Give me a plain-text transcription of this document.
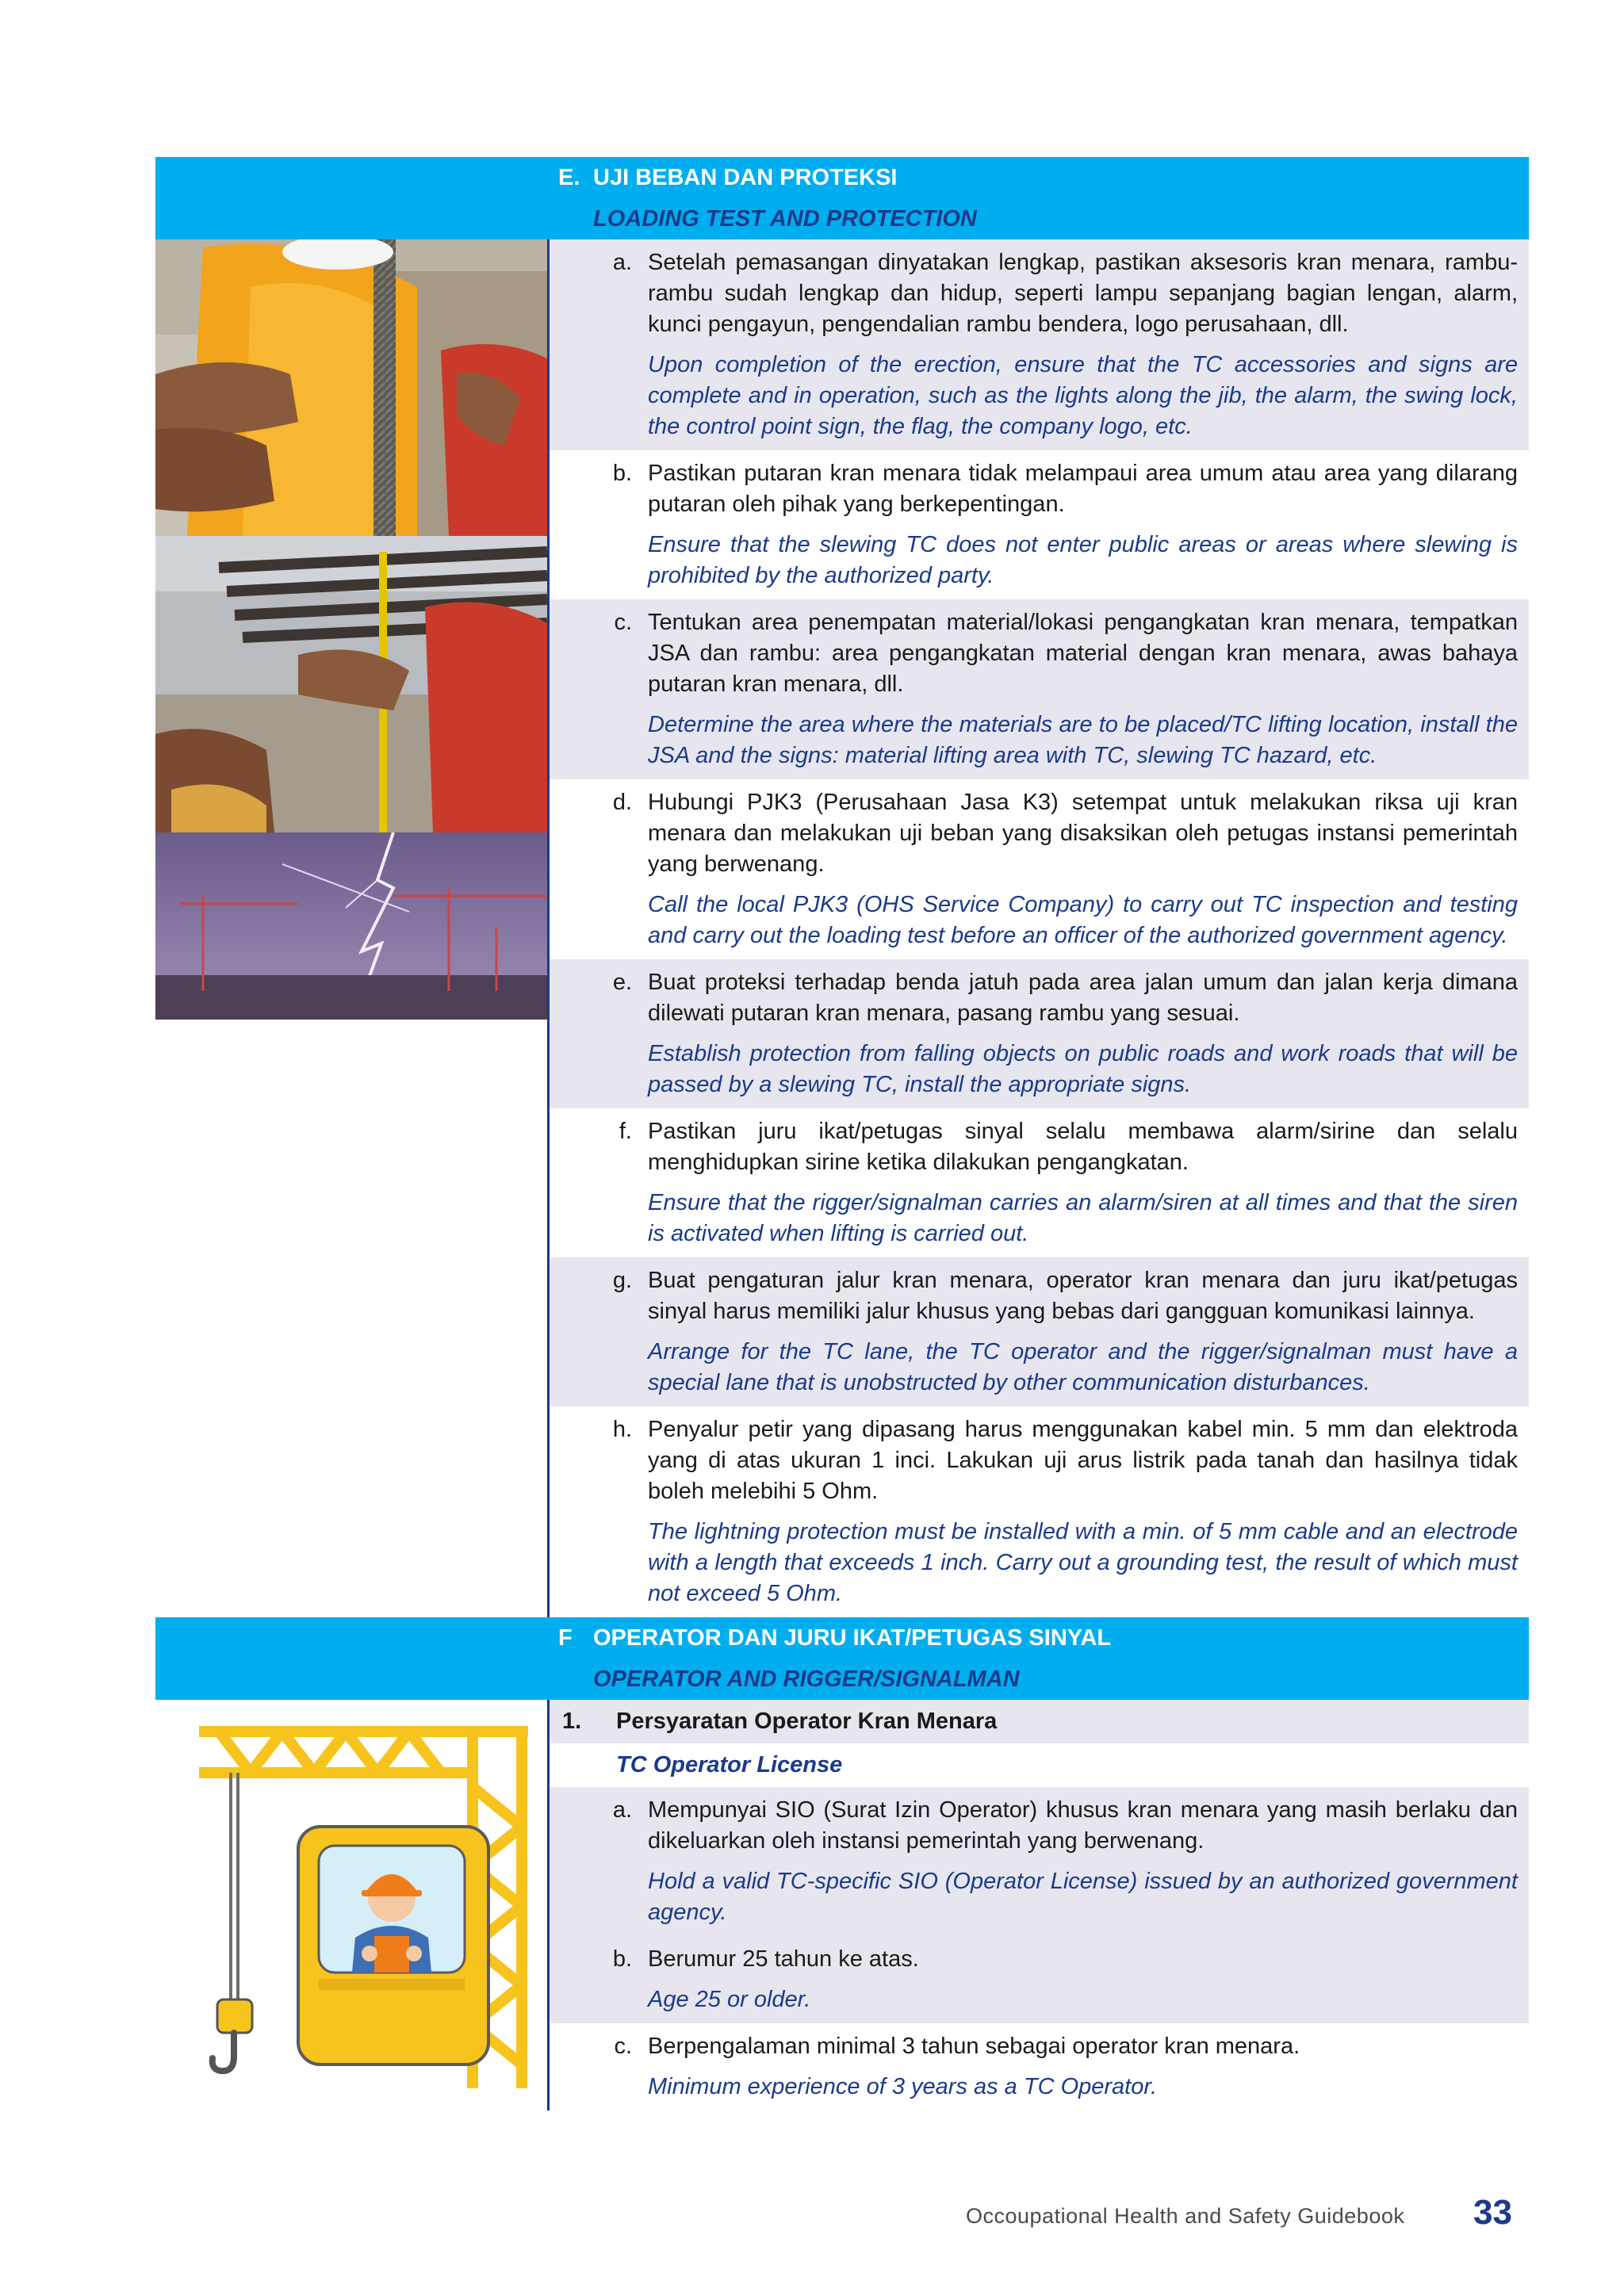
E. UJI BEBAN DAN PROTEKSI
LOADING TEST AND PROTECTION
a. Setelah pemasangan dinyatakan lengkap, pastikan aksesoris kran menara, rambu-rambu sudah lengkap dan hidup, seperti lampu sepanjang bagian lengan, alarm, kunci pengayun, pengendalian rambu bendera, logo perusahaan, dll.
Upon completion of the erection, ensure that the TC accessories and signs are complete and in operation, such as the lights along the jib, the alarm, the swing lock, the control point sign, the flag, the company logo, etc.
b. Pastikan putaran kran menara tidak melampaui area umum atau area yang dilarang putaran oleh pihak yang berkepentingan.
Ensure that the slewing TC does not enter public areas or areas where slewing is prohibited by the authorized party.
c. Tentukan area penempatan material/lokasi pengangkatan kran menara, tempatkan JSA dan rambu: area pengangkatan material dengan kran menara, awas bahaya putaran kran menara, dll.
Determine the area where the materials are to be placed/TC lifting location, install the JSA and the signs: material lifting area with TC, slewing TC hazard, etc.
d. Hubungi PJK3 (Perusahaan Jasa K3) setempat untuk melakukan riksa uji kran menara dan melakukan uji beban yang disaksikan oleh petugas instansi pemerintah yang berwenang.
Call the local PJK3 (OHS Service Company) to carry out TC inspection and testing and carry out the loading test before an officer of the authorized government agency.
e. Buat proteksi terhadap benda jatuh pada area jalan umum dan jalan kerja dimana dilewati putaran kran menara, pasang rambu yang sesuai.
Establish protection from falling objects on public roads and work roads that will be passed by a slewing TC, install the appropriate signs.
f. Pastikan juru ikat/petugas sinyal selalu membawa alarm/sirine dan selalu menghidupkan sirine ketika dilakukan pengangkatan.
Ensure that the rigger/signalman carries an alarm/siren at all times and that the siren is activated when lifting is carried out.
g. Buat pengaturan jalur kran menara, operator kran menara dan juru ikat/petugas sinyal harus memiliki jalur khusus yang bebas dari gangguan komunikasi lainnya.
Arrange for the TC lane, the TC operator and the rigger/signalman must have a special lane that is unobstructed by other communication disturbances.
h. Penyalur petir yang dipasang harus menggunakan kabel min. 5 mm dan elektroda yang di atas ukuran 1 inci. Lakukan uji arus listrik pada tanah dan hasilnya tidak boleh melebihi 5 Ohm.
The lightning protection must be installed with a min. of 5 mm cable and an electrode with a length that exceeds 1 inch. Carry out a grounding test, the result of which must not exceed 5 Ohm.
F OPERATOR DAN JURU IKAT/PETUGAS SINYAL
OPERATOR AND RIGGER/SIGNALMAN
1.	Persyaratan Operator Kran Menara
TC Operator License
a. Mempunyai SIO (Surat Izin Operator) khusus kran menara yang masih berlaku dan dikeluarkan oleh instansi pemerintah yang berwenang.
Hold a valid TC-specific SIO (Operator License) issued by an authorized government agency.
b. Berumur 25 tahun ke atas.
Age 25 or older.
c. Berpengalaman minimal 3 tahun sebagai operator kran menara.
Minimum experience of 3 years as a TC Operator.
Occoupational Health and Safety Guidebook 33
